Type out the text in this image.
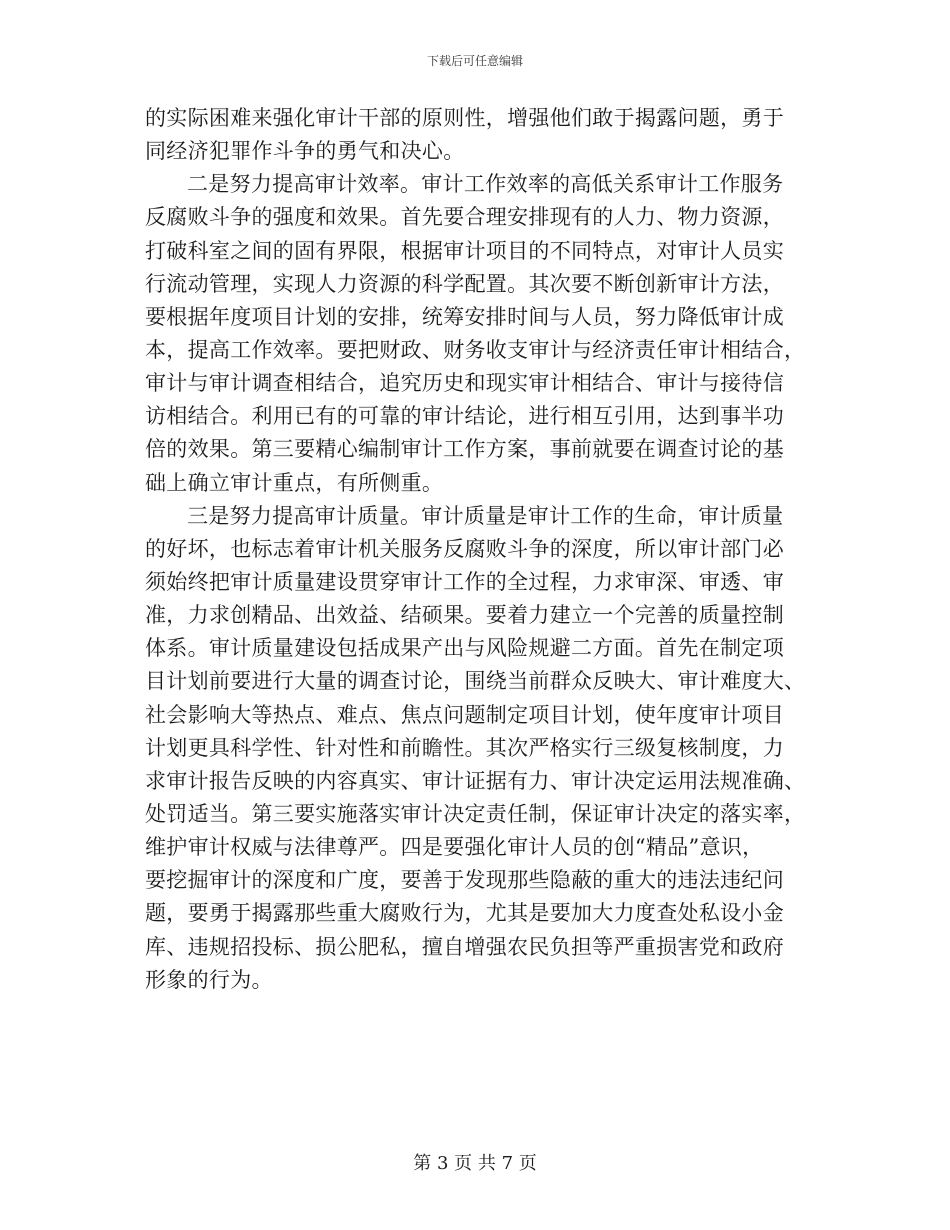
下载后可任意编辑
的实际困难来强化审计干部的原则性，增强他们敢于揭露问题，勇于
同经济犯罪作斗争的勇气和决心。
二是努力提高审计效率。审计工作效率的高低关系审计工作服务
反腐败斗争的强度和效果。首先要合理安排现有的人力、物力资源，
打破科室之间的固有界限，根据审计项目的不同特点，对审计人员实
行流动管理，实现人力资源的科学配置。其次要不断创新审计方法，
要根据年度项目计划的安排，统筹安排时间与人员，努力降低审计成
本，提高工作效率。要把财政、财务收支审计与经济责任审计相结合，
审计与审计调查相结合，追究历史和现实审计相结合、审计与接待信
访相结合。利用已有的可靠的审计结论，进行相互引用，达到事半功
倍的效果。第三要精心编制审计工作方案，事前就要在调查讨论的基
础上确立审计重点，有所侧重。
三是努力提高审计质量。审计质量是审计工作的生命，审计质量
的好坏，也标志着审计机关服务反腐败斗争的深度，所以审计部门必
须始终把审计质量建设贯穿审计工作的全过程，力求审深、审透、审
准，力求创精品、出效益、结硕果。要着力建立一个完善的质量控制
体系。审计质量建设包括成果产出与风险规避二方面。首先在制定项
目计划前要进行大量的调查讨论，围绕当前群众反映大、审计难度大、
社会影响大等热点、难点、焦点问题制定项目计划，使年度审计项目
计划更具科学性、针对性和前瞻性。其次严格实行三级复核制度，力
求审计报告反映的内容真实、审计证据有力、审计决定运用法规准确、
处罚适当。第三要实施落实审计决定责任制，保证审计决定的落实率，
维护审计权威与法律尊严。四是要强化审计人员的创“精品”意识，
要挖掘审计的深度和广度，要善于发现那些隐蔽的重大的违法违纪问
题，要勇于揭露那些重大腐败行为，尤其是要加大力度查处私设小金
库、违规招投标、损公肥私，擅自增强农民负担等严重损害党和政府
形象的行为。
第 3 页 共 7 页
